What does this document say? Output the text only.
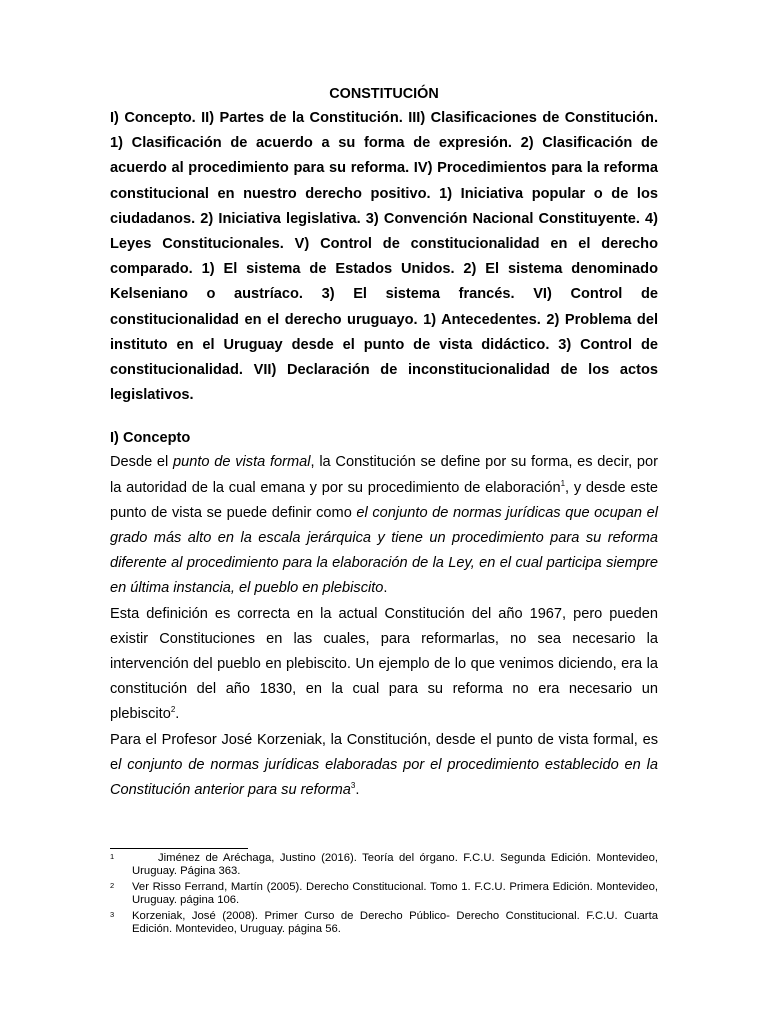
CONSTITUCIÓN

I) Concepto. II) Partes de la Constitución. III) Clasificaciones de Constitución. 1) Clasificación de acuerdo a su forma de expresión. 2) Clasificación de acuerdo al procedimiento para su reforma. IV) Procedimientos para la reforma constitucional en nuestro derecho positivo. 1) Iniciativa popular o de los ciudadanos. 2) Iniciativa legislativa. 3) Convención Nacional Constituyente. 4) Leyes Constitucionales. V) Control de constitucionalidad en el derecho comparado. 1) El sistema de Estados Unidos. 2) El sistema denominado Kelseniano o austríaco. 3) El sistema francés. VI) Control de constitucionalidad en el derecho uruguayo. 1) Antecedentes. 2) Problema del instituto en el Uruguay desde el punto de vista didáctico. 3) Control de constitucionalidad. VII) Declaración de inconstitucionalidad de los actos legislativos.

I) Concepto

Desde el punto de vista formal, la Constitución se define por su forma, es decir, por la autoridad de la cual emana y por su procedimiento de elaboración$^1$, y desde este punto de vista se puede definir como el conjunto de normas jurídicas que ocupan el grado más alto en la escala jerárquica y tiene un procedimiento para su reforma diferente al procedimiento para la elaboración de la Ley, en el cual participa siempre en última instancia, el pueblo en plebiscito.

Esta definición es correcta en la actual Constitución del año 1967, pero pueden existir Constituciones en las cuales, para reformarlas, no sea necesario la intervención del pueblo en plebiscito. Un ejemplo de lo que venimos diciendo, era la constitución del año 1830, en la cual para su reforma no era necesario un plebiscito$^2$.

Para el Profesor José Korzeniak, la Constitución, desde el punto de vista formal, es el conjunto de normas jurídicas elaboradas por el procedimiento establecido en la Constitución anterior para su reforma$^3$.

1	Jiménez de Aréchaga, Justino (2016). Teoría del órgano. F.C.U. Segunda Edición. Montevideo, Uruguay. Página 363.

2 Ver Risso Ferrand, Martín (2005). Derecho Constitucional. Tomo 1. F.C.U. Primera Edición. Montevideo, Uruguay. página 106.

3 Korzeniak, José (2008). Primer Curso de Derecho Público- Derecho Constitucional. F.C.U. Cuarta Edición. Montevideo, Uruguay. página 56.
